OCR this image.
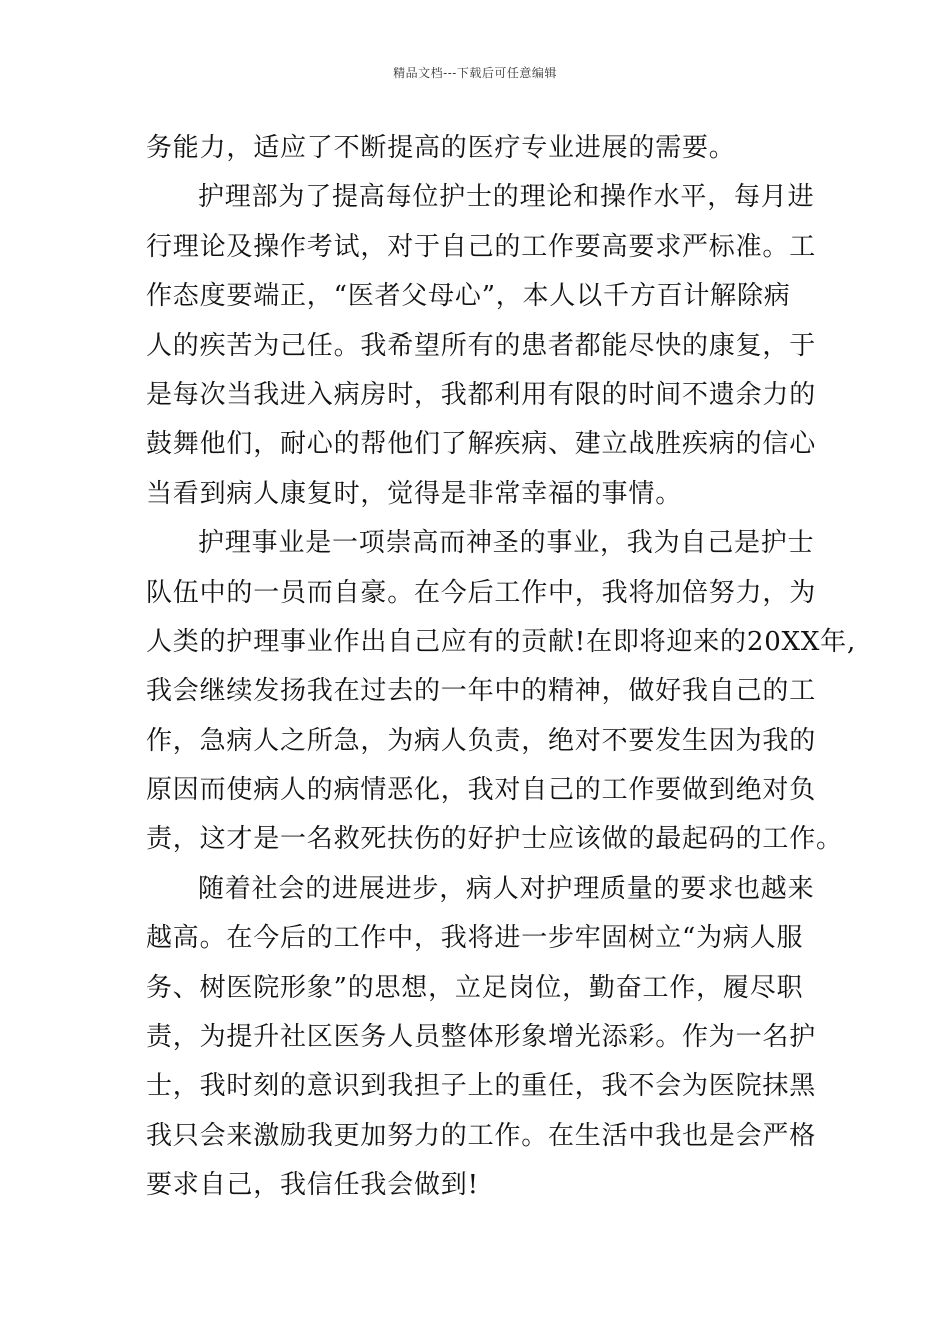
精品文档---下载后可任意编辑
务能力，适应了不断提高的医疗专业进展的需要。
护理部为了提高每位护士的理论和操作水平，每月进
行理论及操作考试，对于自己的工作要高要求严标准。工
作态度要端正，“医者父母心”，本人以千方百计解除病
人的疾苦为己任。我希望所有的患者都能尽快的康复，于
是每次当我进入病房时，我都利用有限的时间不遗余力的
鼓舞他们，耐心的帮他们了解疾病、建立战胜疾病的信心
当看到病人康复时，觉得是非常幸福的事情。
护理事业是一项崇高而神圣的事业，我为自己是护士
队伍中的一员而自豪。在今后工作中，我将加倍努力，为
人类的护理事业作出自己应有的贡献!在即将迎来的20XX年,
我会继续发扬我在过去的一年中的精神，做好我自己的工
作，急病人之所急，为病人负责，绝对不要发生因为我的
原因而使病人的病情恶化，我对自己的工作要做到绝对负
责，这才是一名救死扶伤的好护士应该做的最起码的工作。
随着社会的进展进步，病人对护理质量的要求也越来
越高。在今后的工作中，我将进一步牢固树立“为病人服
务、树医院形象”的思想，立足岗位，勤奋工作，履尽职
责，为提升社区医务人员整体形象增光添彩。作为一名护
士，我时刻的意识到我担子上的重任，我不会为医院抹黑
我只会来激励我更加努力的工作。在生活中我也是会严格
要求自己，我信任我会做到!
